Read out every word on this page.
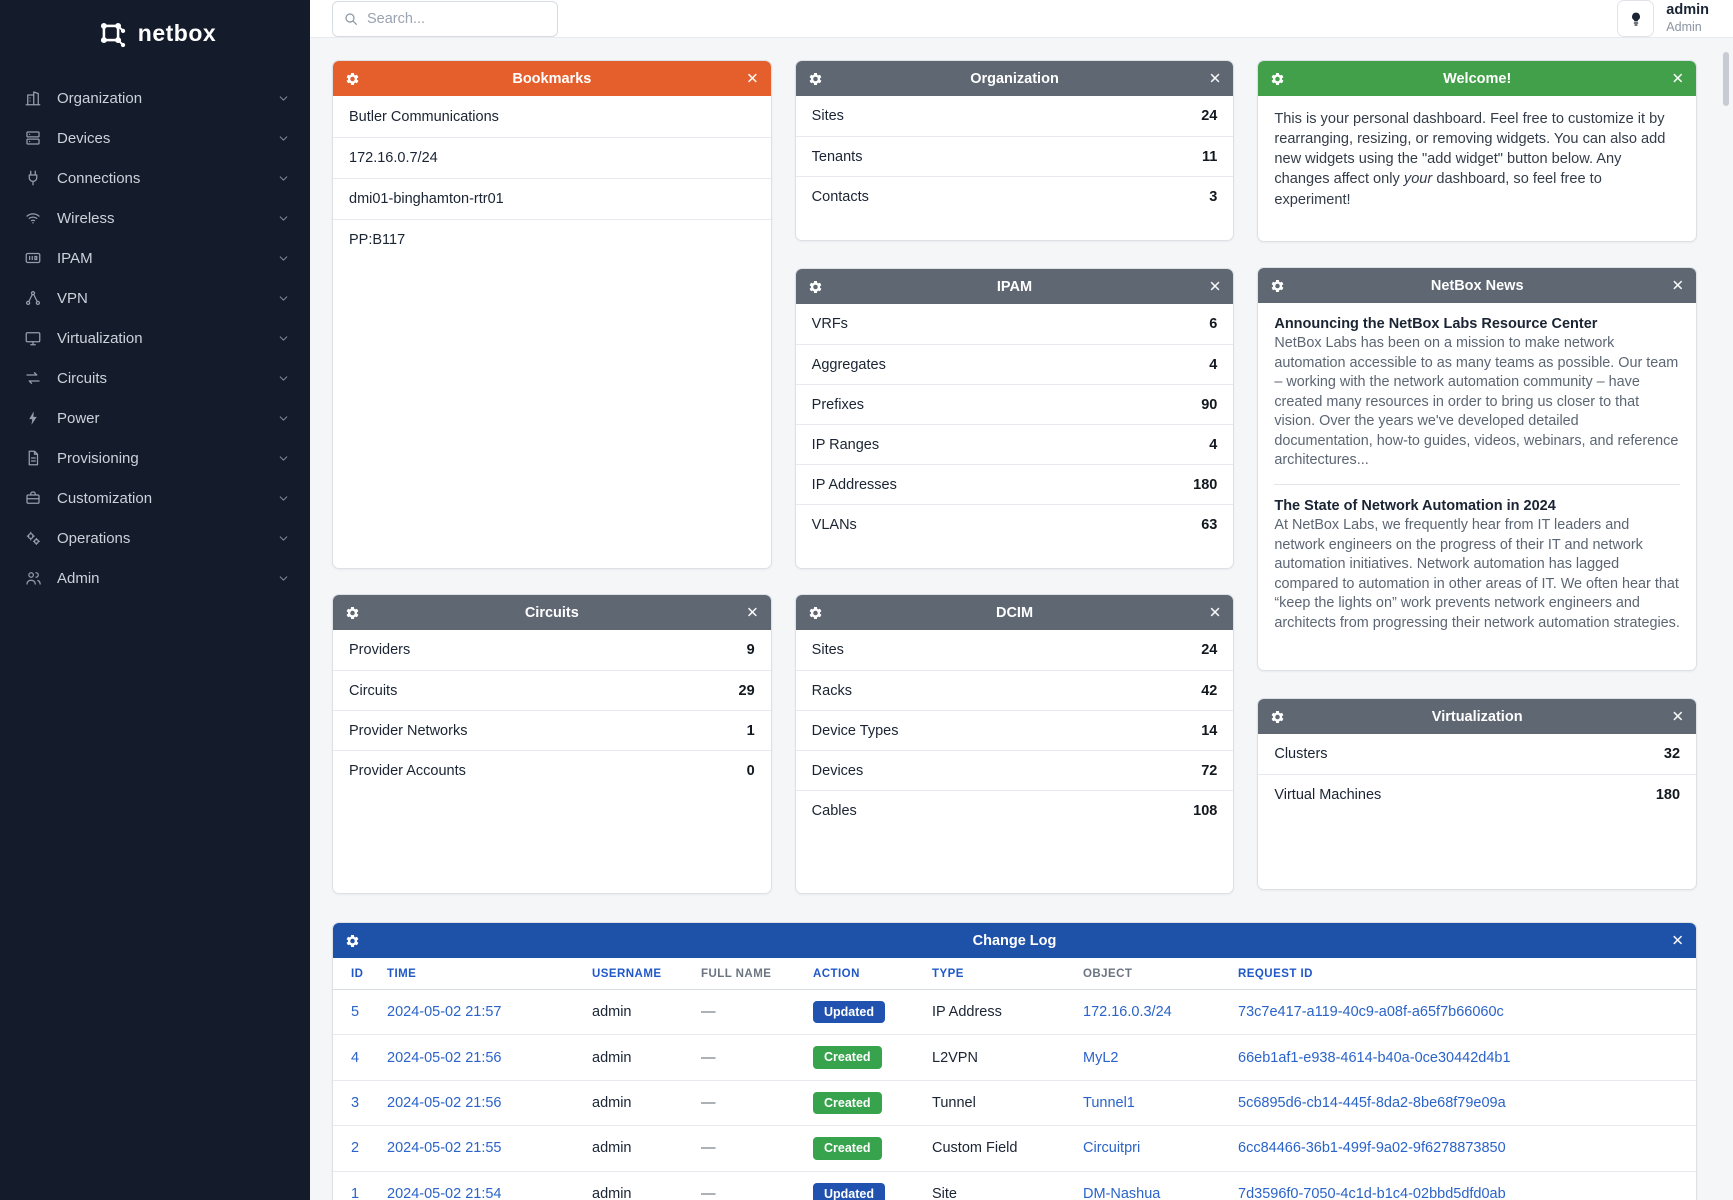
netbox
Organization
Devices
Connections
Wireless
IPAM
VPN
Virtualization
Circuits
Power
Provisioning
Customization
Operations
Admin
Search...
admin
Admin
Bookmarks	✕
Butler Communications
172.16.0.7/24
dmi01-binghamton-rtr01
PP:B117
Circuits	✕
Providers	9
Circuits	29
Provider Networks	1
Provider Accounts	0
Organization	✕
Sites	24
Tenants	11
Contacts	3
IPAM	✕
VRFs	6
Aggregates	4
Prefixes	90
IP Ranges	4
IP Addresses	180
VLANs	63
DCIM	✕
Sites	24
Racks	42
Device Types	14
Devices	72
Cables	108
Welcome!	✕
This is your personal dashboard. Feel free to customize it by rearranging, resizing, or removing widgets. You can also add new widgets using the "add widget" button below. Any changes affect only your dashboard, so feel free to experiment!
NetBox News	✕
Announcing the NetBox Labs Resource Center
NetBox Labs has been on a mission to make network automation accessible to as many teams as possible. Our team – working with the network automation community – have created many resources in order to bring us closer to that vision. Over the years we've developed detailed documentation, how-to guides, videos, webinars, and reference architectures...
The State of Network Automation in 2024
At NetBox Labs, we frequently hear from IT leaders and network engineers on the progress of their IT and network automation initiatives. Network automation has lagged compared to automation in other areas of IT. We often hear that “keep the lights on” work prevents network engineers and architects from progressing their network automation strategies.
Virtualization	✕
Clusters	32
Virtual Machines	180
Change Log	✕
ID	TIME	USERNAME	FULL NAME	ACTION	TYPE	OBJECT	REQUEST ID
5	2024-05-02 21:57	admin	—	Updated	IP Address	172.16.0.3/24	73c7e417-a119-40c9-a08f-a65f7b66060c
4	2024-05-02 21:56	admin	—	Created	L2VPN	MyL2	66eb1af1-e938-4614-b40a-0ce30442d4b1
3	2024-05-02 21:56	admin	—	Created	Tunnel	Tunnel1	5c6895d6-cb14-445f-8da2-8be68f79e09a
2	2024-05-02 21:55	admin	—	Created	Custom Field	Circuitpri	6cc84466-36b1-499f-9a02-9f6278873850
1	2024-05-02 21:54	admin	—	Updated	Site	DM-Nashua	7d3596f0-7050-4c1d-b1c4-02bbd5dfd0ab
